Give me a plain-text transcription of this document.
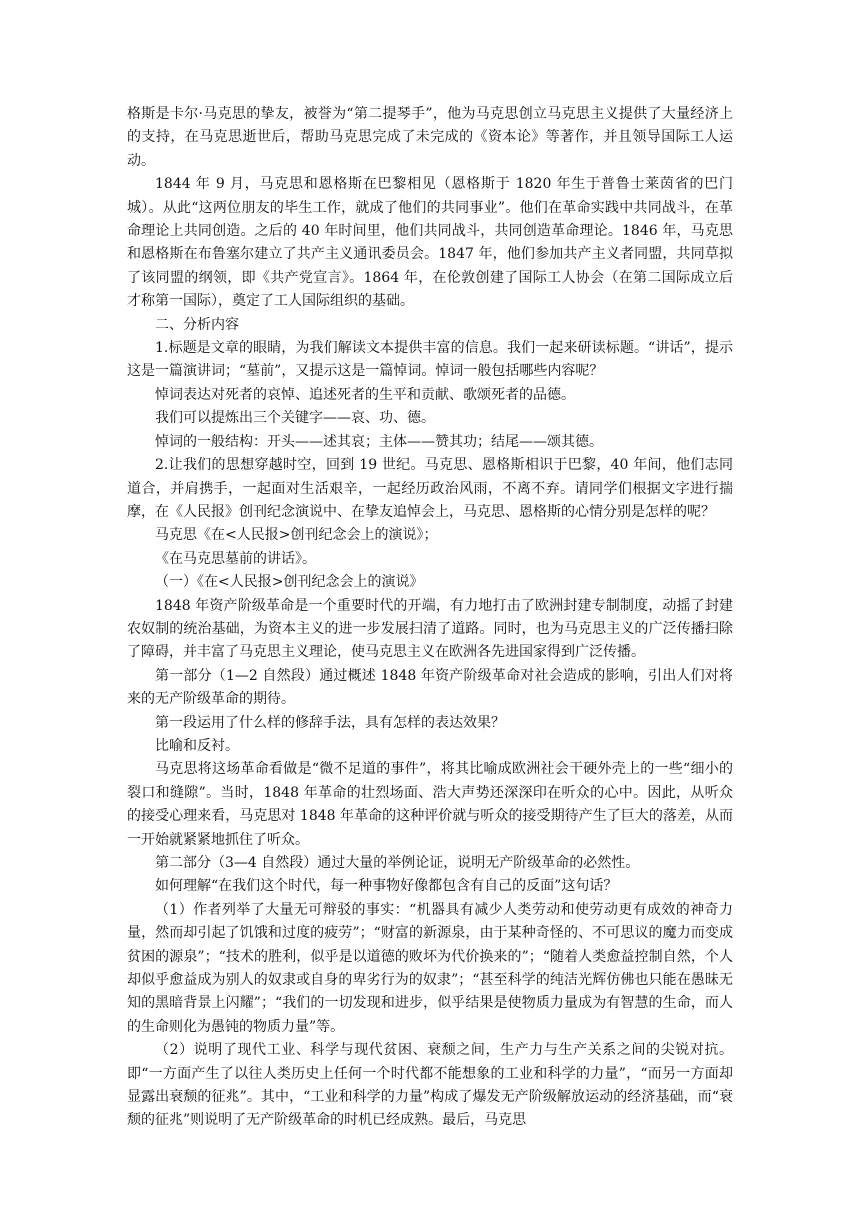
格斯是卡尔·马克思的挚友，被誉为“第二提琴手”，他为马克思创立马克思主义提供了大量经济上的支持，在马克思逝世后，帮助马克思完成了未完成的《资本论》等著作，并且领导国际工人运动。

1844 年 9 月，马克思和恩格斯在巴黎相见（恩格斯于 1820 年生于普鲁士莱茵省的巴门城）。从此“这两位朋友的毕生工作，就成了他们的共同事业”。他们在革命实践中共同战斗，在革命理论上共同创造。之后的 40 年时间里，他们共同战斗，共同创造革命理论。1846 年，马克思和恩格斯在布鲁塞尔建立了共产主义通讯委员会。1847 年，他们参加共产主义者同盟，共同草拟了该同盟的纲领，即《共产党宣言》。1864 年，在伦敦创建了国际工人协会（在第二国际成立后才称第一国际），奠定了工人国际组织的基础。

二、分析内容

1.标题是文章的眼睛，为我们解读文本提供丰富的信息。我们一起来研读标题。“讲话”，提示这是一篇演讲词；“墓前”，又提示这是一篇悼词。悼词一般包括哪些内容呢？

悼词表达对死者的哀悼、追述死者的生平和贡献、歌颂死者的品德。

我们可以提炼出三个关键字——哀、功、德。

悼词的一般结构：开头——述其哀；主体——赞其功；结尾——颂其德。

2.让我们的思想穿越时空，回到 19 世纪。马克思、恩格斯相识于巴黎，40 年间，他们志同道合，并肩携手，一起面对生活艰辛，一起经历政治风雨，不离不弃。请同学们根据文字进行揣摩，在《人民报》创刊纪念演说中、在挚友追悼会上，马克思、恩格斯的心情分别是怎样的呢？

马克思《在<人民报>创刊纪念会上的演说》；

《在马克思墓前的讲话》。

（一）《在<人民报>创刊纪念会上的演说》

1848 年资产阶级革命是一个重要时代的开端，有力地打击了欧洲封建专制制度，动摇了封建农奴制的统治基础，为资本主义的进一步发展扫清了道路。同时，也为马克思主义的广泛传播扫除了障碍，并丰富了马克思主义理论，使马克思主义在欧洲各先进国家得到广泛传播。

第一部分（1—2 自然段）通过概述 1848 年资产阶级革命对社会造成的影响，引出人们对将来的无产阶级革命的期待。

第一段运用了什么样的修辞手法，具有怎样的表达效果？

比喻和反衬。

马克思将这场革命看做是“微不足道的事件”，将其比喻成欧洲社会干硬外壳上的一些“细小的裂口和缝隙”。当时，1848 年革命的壮烈场面、浩大声势还深深印在听众的心中。因此，从听众的接受心理来看，马克思对 1848 年革命的这种评价就与听众的接受期待产生了巨大的落差，从而一开始就紧紧地抓住了听众。

第二部分（3—4 自然段）通过大量的举例论证，说明无产阶级革命的必然性。

如何理解“在我们这个时代，每一种事物好像都包含有自己的反面”这句话？

（1）作者列举了大量无可辩驳的事实：“机器具有减少人类劳动和使劳动更有成效的神奇力量，然而却引起了饥饿和过度的疲劳”；“财富的新源泉，由于某种奇怪的、不可思议的魔力而变成贫困的源泉”；“技术的胜利，似乎是以道德的败坏为代价换来的”；“随着人类愈益控制自然，个人却似乎愈益成为别人的奴隶或自身的卑劣行为的奴隶”；“甚至科学的纯洁光辉仿佛也只能在愚昧无知的黑暗背景上闪耀”；“我们的一切发现和进步，似乎结果是使物质力量成为有智慧的生命，而人的生命则化为愚钝的物质力量”等。

（2）说明了现代工业、科学与现代贫困、衰颓之间，生产力与生产关系之间的尖锐对抗。即“一方面产生了以往人类历史上任何一个时代都不能想象的工业和科学的力量”，“而另一方面却显露出衰颓的征兆”。其中，“工业和科学的力量”构成了爆发无产阶级解放运动的经济基础，而“衰颓的征兆”则说明了无产阶级革命的时机已经成熟。最后，马克思
